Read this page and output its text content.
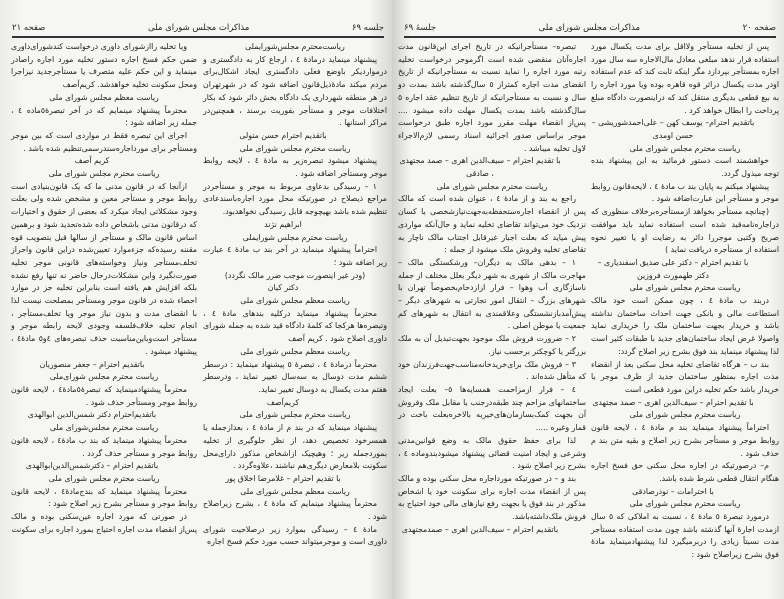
صفحه ۲۱	مذاکرات مجلس شورای ملی	جلسه ۶۹

ریاست‌محترم مجلس‌شورایملی

پیشنهاد مینماید درمادهٔ ٤ ، ارجاع کار به دادگستری و درمواردیکر باوضع فعلی دادگستری ایجاد اشکال‌برای مردم میکند مادهٔ‌ذیل‌قانون اضافه شود که در شهرتهران در هر منطقه شهرداری یک دادگاه بخش دائر شود که بکار اختلافات موجر و مستأجر بفوریت برسند ، همچنین‌در مراکز استانها .

باتقدیم احترام حسن متولی

ریاست محترم مجلس شورای ملی

پیشنهاد میشود تبصره‌زیر به مادهٔ ٤ ، لایحه روابط موجر ومستأجر اضافه شود .

١ – رسیدگی بدعاوی مربوط به موجر و مستأجردر مراجع ذیصلاح در صورتیکه محل مورد اجاره‌باسندعادی تنظیم شده باشد بهیچوجه قابل رسیدگی نخواهدبود.

ابراهیم نژند

ریاست محترم مجلس شورایملی

احتراماً پیشنهاد مینماید در آخر بند ب مادهٔ ٤ عبارت زیر اضافه شود ؛

(ودر غیر اینصورت موجب ضرر مالک نگردد)

دکتر کیان

ریاست معظم مجلس شورای ملی

محترماً پیشنهاد مینماید درکلیه بندهای مادهٔ ٤ ، وتبصره‌ها هرکجا که کلمهٔ دادگاه قید شده به جمله شورای داوری اصلاح شود . کریم آصف

ریاست معظم مجلس شورای ملی

محترماً درمادهٔ ٤ ، تبصرهٔ ٥ پیشنهاد مینماید : درسطر ششم مدت دوسال به سه‌سال تغییر نماید ، ودرسطر هفتم مدت یکسال به دوسال تغییر نماید.

کریم‌آصف

ریاست محترم مجلس شورای ملی

پیشنهاد مینماید که در بند م از مادهٔ ٤ ، بعدازجمله یا همسرخود تخصیص دهد، از نظر جلوگیری از تخلیه بموردجمله زیر ؛ وهیچیک ازاشخاص مذکور دارای‌محل سکونت بلامعارض دیگری‌هم نباشند ،علاوه‌گردد .

با تقدیم احترام – غلامرضا اخلاق پور

ریاست معظم مجلس شورای ملی

محترماً پیشنهاد مینمایم که مادهٔ ٤ ، بشرح زیراصلاح شود .

مادهٔ ٤ – رسیدگی بموارد زیر درصلاحیت شورای داوری است و موجرمیتواند حسب مورد حکم فسخ اجاره

ویا تخلیه راازشورای داوری درخواست کندشورای‌داوری ضمن حکم فسخ اجاره دستور تخلیه مورد اجاره راصادر مینماید و این حکم علیه متصرف یا مستأجرجدید نیزاجرا ومحل سکونت تخلیه خواهدشد. کریم‌آصف

ریاست معظم مجلس شورای ملی

محترماً پیشنهاد مینمایم که در آخر تبصرهٔ٥ماده ٤ ، جمله زیر اضافه شود ؛

اجرای این تبصره فقط در مواردی است که بین موجر ومستأجر برای مورداجاره‌سندرسمی‌تنظیم شده باشد .

کریم آصف

ریاست محترم مجلس شورای ملی

ازآنجا که در قانون مدنی ما که یک قانون‌بنیادی است روابط موجر و مستأجر معین و مشخص شده ولی بعلت وجود مشکلاتی ایجاد میکرد که بعضی از حقوق و اختیارات که درقانون مدنی باشخاص داده شده‌تحدید شود و برهمین اساس قانون مالک و مستأجر از سالها قبل بتصویب قوه مقننه رسیده‌که جزءموارد تعیین‌شده دراین قانون واحراز تخلف‌مستأجر ونیاز وخواسته‌های قانونی موجر تخلیه صورت‌نگیرد واین مشکلات‌درحال حاضر نه تنها رفع نشده بلکه افزایش هم یافته است بنابراین تخلیه جز در موارد احصاء شده در قانون موجر ومستأجر بمصلحت نیست لذا با انقضای مدت و بدون نیاز موجر ویا تخلف‌مستأجر ، انجام تخلیه خلاف‌فلسفه وجودی لایحه رابطه موجر و مستأجر است‌وباین‌مناسبت حذف تبصره‌های ٤و٥ مادهٔ٤ ، پیشنهاد میشود .

باتقدیم احترام – جعفر منصوریان

ریاست محترم مجلس شورای‌ملی

محترماً پیشنهادمینماید که تبصرهٔ٥مادهٔ٤ ، لایحه قانون روابط موجر ومستأجر حذف شود .

باتقدیم‌احترام دکتر شمس‌الدین ابوالهدی

ریاست محترم مجلس‌شورای ملی

محترماً پیشنهاد مینماید که بند ب مادهٔ٤ ، لایحه قانون روابط موجر و مستأجر حذف گردد .

باتقدیم احترام – دکترشمس‌الدین‌ابوالهدی

ریاست محترم مجلس شورای ملی

محترماً پیشنهاد مینماید که بندج‌مادهٔ٤ ، لایحه قانون روابط موجر و مستأجر بشرح زیر اصلاح شود :

در صورتی که مورد اجاره عین‌سکنی بوده و مالک پس‌از انقضاء مدت اجاره احتیاج بمورد اجاره برای سکونت

جلسهٔ ۶۹	مذاکرات مجلس شورای ملی	صفحه ۲۰

پس از تخلیه مستأجر ولااقل برای مدت یکسال مورد استفاده قرار ندهد مبلغی معادل مال‌الاجاره سه سال مورد اجاره بمستأجر بپردازد مگر اینکه ثابت کند که عدم استفاده اودر مدت یکسال دراثر قوه قاهره بوده ویا مورد اجاره را به بیع قطعی بدیگری منتقل کند که دراینصورت دادگاه مبلغ پرداخت را ابطال خواهد کرد .

باتقدیم احترام– یوسف کهن – علی‌احمدشوریشی – حسن اومدی

ریاست محترم مجلس شورای ملی

خواهشمند است دستور فرمائید به این پیشنهاد بنده توجه مبذول گردد.

پیشنهاد میکنم به پایان بند ب مادهٔ ٤ ، لایحه‌قانون روابط موجر و مستأجر این عبارت‌اضافه شود .

(چنانچه مستأجر بخواهد ازمستأجره‌برخلاف منظوری که دراجاره‌نامه‌قید شده است استفاده نماید باید موافقت صریح وکتبی موجررا دائر به رضایت او یا تغییر نحوه استفاده از مستأجره دریافت نماید )

با تقدیم احترام – دکتر علی صدیق اسفندیاری – دکتر طهمورث فروزین

ریاست محترم مجلس شورای ملی

دربند ب مادهٔ ٤ ، چون ممکن است خود مالک استطاعت مالی و بانکی جهت احداث ساختمان نداشته باشد و خریدار بجهت ساختمان ملک را خریداری نماید واصولا غرض ایجاد ساختمان‌های جدید با طبقات کثیر است لذا پیشنهاد مینماید بند فوق بشرح زیر اصلاح گردد:

بند ب – هرگاه تقاضای تخلیه محل سکنی بعد از انقضاء مدت اجاره بمنظور ساختمان جدید از طرف موجر یا خریدار باشد حکم تخلیه دراین مورد قطعی است

با تقدیم احترام – سیف‌الدین اهری – صمد مجتهدی

ریاست محترم مجلس شورای ملی

احتراماً پیشنهاد مینماید بند م مادهٔ ٤ ، لایحه قانون روابط موجر و مستأجر بشرح زیر اصلاح و بقیه متن بند م حذف شود .

م– درصورتیکه در اجاره محل سکنی حق فسخ اجاره هنگام انتقال قطعی شرط شده باشد.

با احترامات – نوذرصادقی

ریاست محترم مجلس شورای ملی

درمورد تبصرهٔ ٥ مادهٔ ٤ ، نسبت به املاکی که ٥ سال ازمدت اجارهٔ آنها گذشته باشد چون مدت استفاده مستأجر مدت نسبتاً زیادی را دربرمیگیرد لذا پیشنهادمینماید مادهٔ فوق بشرح زیراصلاح شود :

تبصره– مستأجرانیکه در تاریخ اجرای این‌قانون مدت اجاره‌آنان منقضی شده است اگرموجر درخواست تخلیه رتبه مورد اجاره را نماید نسبت به مستأجرانیکه از تاریخ انقضای مدت اجاره کمتراز ٥ سال‌گذشته باشد بمدت دو سال و نسبت به مستأجرانیکه از تاریخ تنظیم عقد اجاره ٥ سال‌گذشته باشد بمدت یکسال مهلت داده میشود .... پس‌از انقضاء مهلت مقرر مورد اجاره طبق درخواست موجر براساس صدور اجرائیه اسناد رسمی لازم‌الاجراء لاول تخلیه میباشد .

با تقدیم احترام – سیف‌الدین اهری – صمد مجتهدی ، صادقی

ریاست محترم مجلس شورای ملی

راجع به بند و از مادهٔ ٤ ، عنوان شده است که مالک پس از انقضاء اجاره‌ستحفظه‌به‌جهت‌نیازشخصی یا کسان نزدیک خود می‌تواند تقاضای تخلیه نماید و حال‌آنکه مواردی پیش میاید که بعلت اجبار غیرقابل اجتناب مالک ناچار به تقاضای تخلیه وفروش ملک میشود از جمله :

١ – بدهی مالک به دیگران– ورشکستگی مالک – مهاجرت مالک از شهری به شهر دیگر بعلل مختلف از جمله ناسازگاری آب وهوا – فرار ازازدحام‌بخصوصاً تهران با شهرهای بزرگ – انتقال امور تجارتی به شهرهای دیگر – پیش‌آمدبازنشستگی وعلاقمندی به انتقال به شهرهای کم جمعیت یا موطن اصلی .

٢ – ضرورت فروش ملک موجود بجهت‌تبدیل آن به ملک بزرگتر یا کوچکتر برحسب نیاز.

٣ – فروش ملک برای‌خریدخانه‌مناسب‌جهت‌فرزندان خود که متأهل شده‌اند .

٤ – فرار ازمزاحمت همسایه‌ها ٥– بعلت ایجاد ساختمانهای مزاحم چند طبقه‌درجنب یا مقابل ملک وفروش آن بجهت کمک‌بسازمان‌های‌خیریه بالاخره‌بعلت باخت در قمار وغیره .....

لذا برای حفظ حقوق مالک به وضع قوانین‌مدنی وشرعی و ایجاد امنیت قضائی پیشنهاد میشودبندوماده ٤ ، بشرح زیر اصلاح شود .

بند و – در صورتیکه مورداجاره محل سکنی بوده و مالک پس از انقضاء مدت اجاره برای سکونت خود یا اشخاص مذکور در بند فوق یا بجهت رفع نیازهای مالی خود احتیاج به فروش ملک‌داشته‌باشد.

باتقدیم احترام – سیف‌الدین اهری – صمدمجتهدی
